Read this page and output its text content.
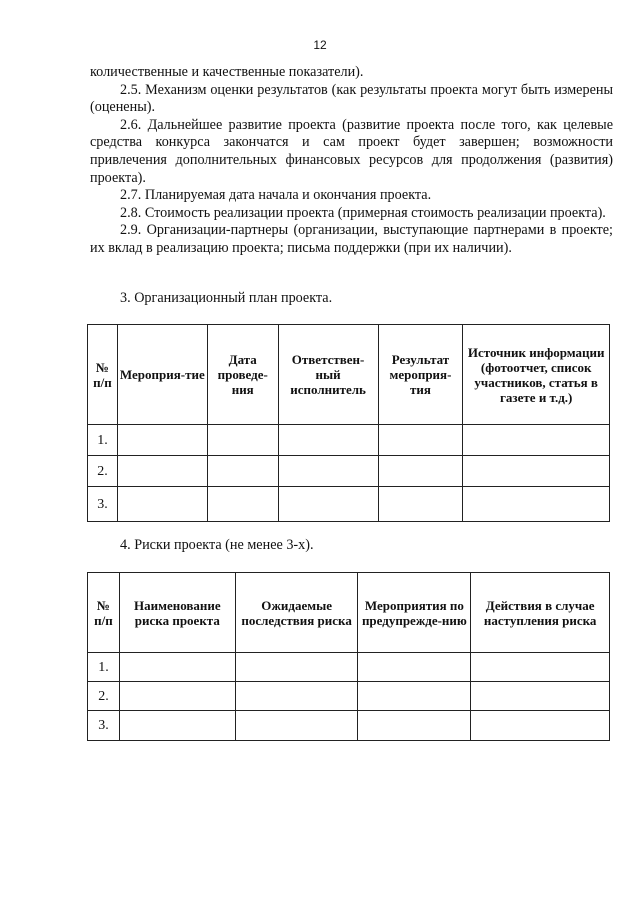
12

количественные и качественные показатели).

2.5. Механизм оценки результатов (как результаты проекта могут быть измерены (оценены).

2.6. Дальнейшее развитие проекта (развитие проекта после того, как целевые средства конкурса закончатся и сам проект будет завершен; возможности привлечения дополнительных финансовых ресурсов для продолжения (развития) проекта).

2.7. Планируемая дата начала и окончания проекта.

2.8. Стоимость реализации проекта (примерная стоимость реализации проекта).

2.9. Организации-партнеры (организации, выступающие партнерами в проекте; их вклад в реализацию проекта; письма поддержки (при их наличии).

3. Организационный план проекта.
№ п/п	Мероприя-тие	Дата проведе-ния	Ответствен-ный исполнитель	Результат мероприя-тия	Источник информации (фотоотчет, список участников, статья в газете и т.д.)
1.					
2.					
3.					
4. Риски проекта (не менее 3-х).
№ п/п	Наименование риска проекта	Ожидаемые последствия риска	Мероприятия по предупрежде-нию	Действия в случае наступления риска
1.				
2.				
3.				
